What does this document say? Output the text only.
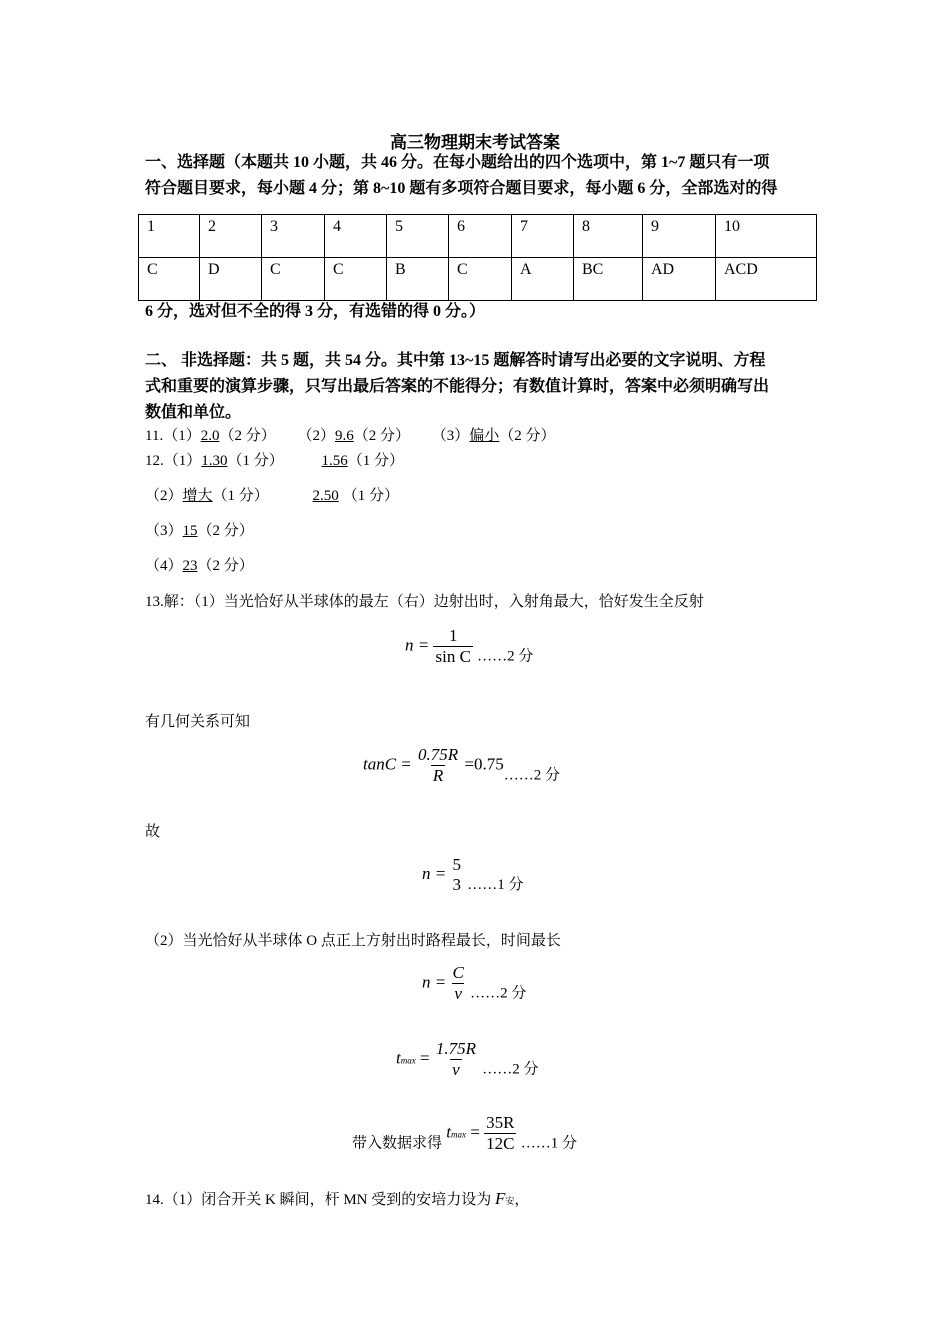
高三物理期末考试答案
一、选择题（本题共 10 小题，共 46 分。在每小题给出的四个选项中，第 1~7 题只有一项
符合题目要求，每小题 4 分；第 8~10 题有多项符合题目要求，每小题 6 分，全部选对的得
1	2	3	4	5	6	7	8	9	10
C	D	C	C	B	C	A	BC	AD	ACD
6 分，选对但不全的得 3 分，有选错的得 0 分。）
二、 非选择题：共 5 题，共 54 分。其中第 13~15 题解答时请写出必要的文字说明、方程
式和重要的演算步骤，只写出最后答案的不能得分；有数值计算时，答案中必须明确写出
数值和单位。
11.（1）2.0（2 分） （2）9.6（2 分） （3）偏小（2 分）
12.（1）1.30（1 分）	1.56（1 分）
（2）增大（1 分）	2.50 （1 分）
（3）15（2 分）
（4）23（2 分）
13.解：（1）当光恰好从半球体的最左（右）边射出时，入射角最大，恰好发生全反射
$n = \frac{1}{\text{sin C}}$ ……2 分
有几何关系可知
$\tan C = \frac{0.75R}{R}$ =0.75……2 分
故
n = 5
3 ……1 分
（2）当光恰好从半球体 O 点正上方射出时路程最长，时间最长
$n = \frac{C}{v}$ ……2 分
$tmax = \frac{1.75R}{v}$ ……2 分
带入数据求得 $tmax = \frac{35R}{12C}$ ……1 分
14.（1）闭合开关 K 瞬间，杆 MN 受到的安培力设为 F安，
